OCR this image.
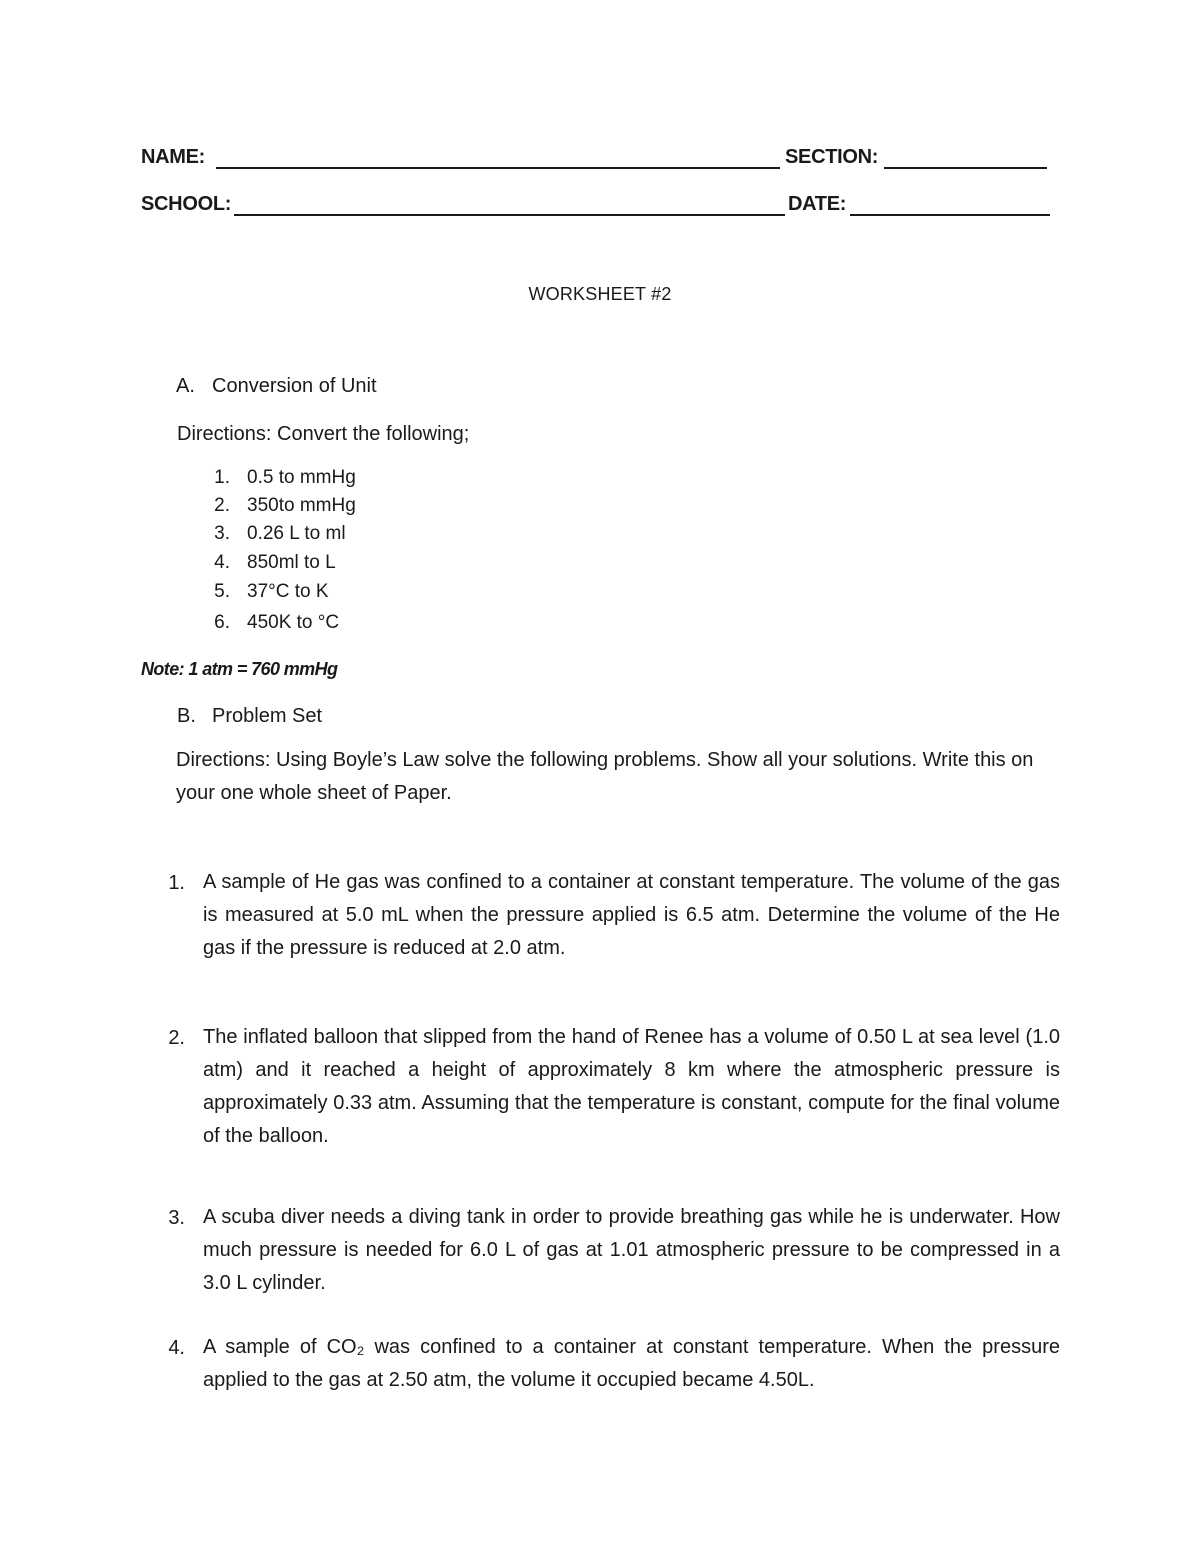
NAME:	SECTION:
SCHOOL:	DATE:
WORKSHEET #2
A. Conversion of Unit
Directions: Convert the following;
1. 0.5 to mmHg
2. 350to mmHg
3. 0.26 L to ml
4. 850ml to L
5. 37°C to K
6. 450K to °C
Note: 1 atm = 760 mmHg
B. Problem Set
Directions: Using Boyle’s Law solve the following problems. Show all your solutions. Write this on your one whole sheet of Paper.
1. A sample of He gas was confined to a container at constant temperature. The volume of the gas is measured at 5.0 mL when the pressure applied is 6.5 atm. Determine the volume of the He gas if the pressure is reduced at 2.0 atm.
2. The inflated balloon that slipped from the hand of Renee has a volume of 0.50 L at sea level (1.0 atm) and it reached a height of approximately 8 km where the atmospheric pressure is approximately 0.33 atm. Assuming that the temperature is constant, compute for the final volume of the balloon.
3. A scuba diver needs a diving tank in order to provide breathing gas while he is underwater. How much pressure is needed for 6.0 L of gas at 1.01 atmospheric pressure to be compressed in a 3.0 L cylinder.
4. A sample of CO₂ was confined to a container at constant temperature. When the pressure applied to the gas at 2.50 atm, the volume it occupied became 4.50L.
